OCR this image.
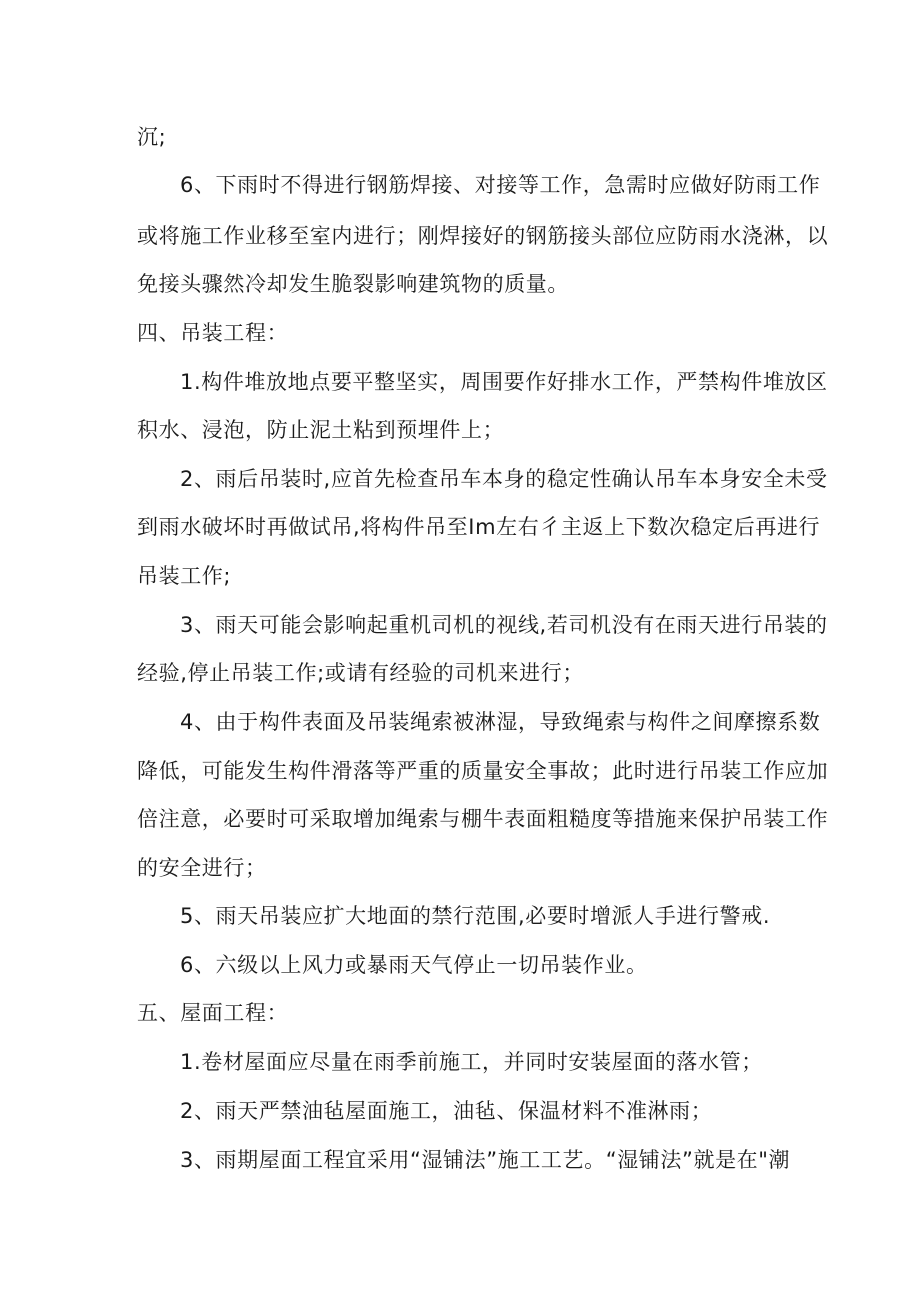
沉;
6、下雨时不得进行钢筋焊接、对接等工作，急需时应做好防雨工作
或将施工作业移至室内进行；刚焊接好的钢筋接头部位应防雨水浇淋，以
免接头骤然冷却发生脆裂影响建筑物的质量。
四、吊装工程：
1.构件堆放地点要平整坚实，周围要作好排水工作，严禁构件堆放区
积水、浸泡，防止泥土粘到预埋件上；
2、雨后吊装时,应首先检查吊车本身的稳定性确认吊车本身安全未受
到雨水破坏时再做试吊,将构件吊至Im左右彳主返上下数次稳定后再进行
吊装工作;
3、雨天可能会影响起重机司机的视线,若司机没有在雨天进行吊装的
经验,停止吊装工作;或请有经验的司机来进行；
4、由于构件表面及吊装绳索被淋湿，导致绳索与构件之间摩擦系数
降低，可能发生构件滑落等严重的质量安全事故；此时进行吊装工作应加
倍注意，必要时可采取增加绳索与棚牛表面粗糙度等措施来保护吊装工作
的安全进行；
5、雨天吊装应扩大地面的禁行范围,必要时增派人手进行警戒.
6、六级以上风力或暴雨天气停止一切吊装作业。
五、屋面工程：
1.卷材屋面应尽量在雨季前施工，并同时安装屋面的落水管；
2、雨天严禁油毡屋面施工，油毡、保温材料不准淋雨；
3、雨期屋面工程宜采用“湿铺法”施工工艺。“湿铺法”就是在"潮
